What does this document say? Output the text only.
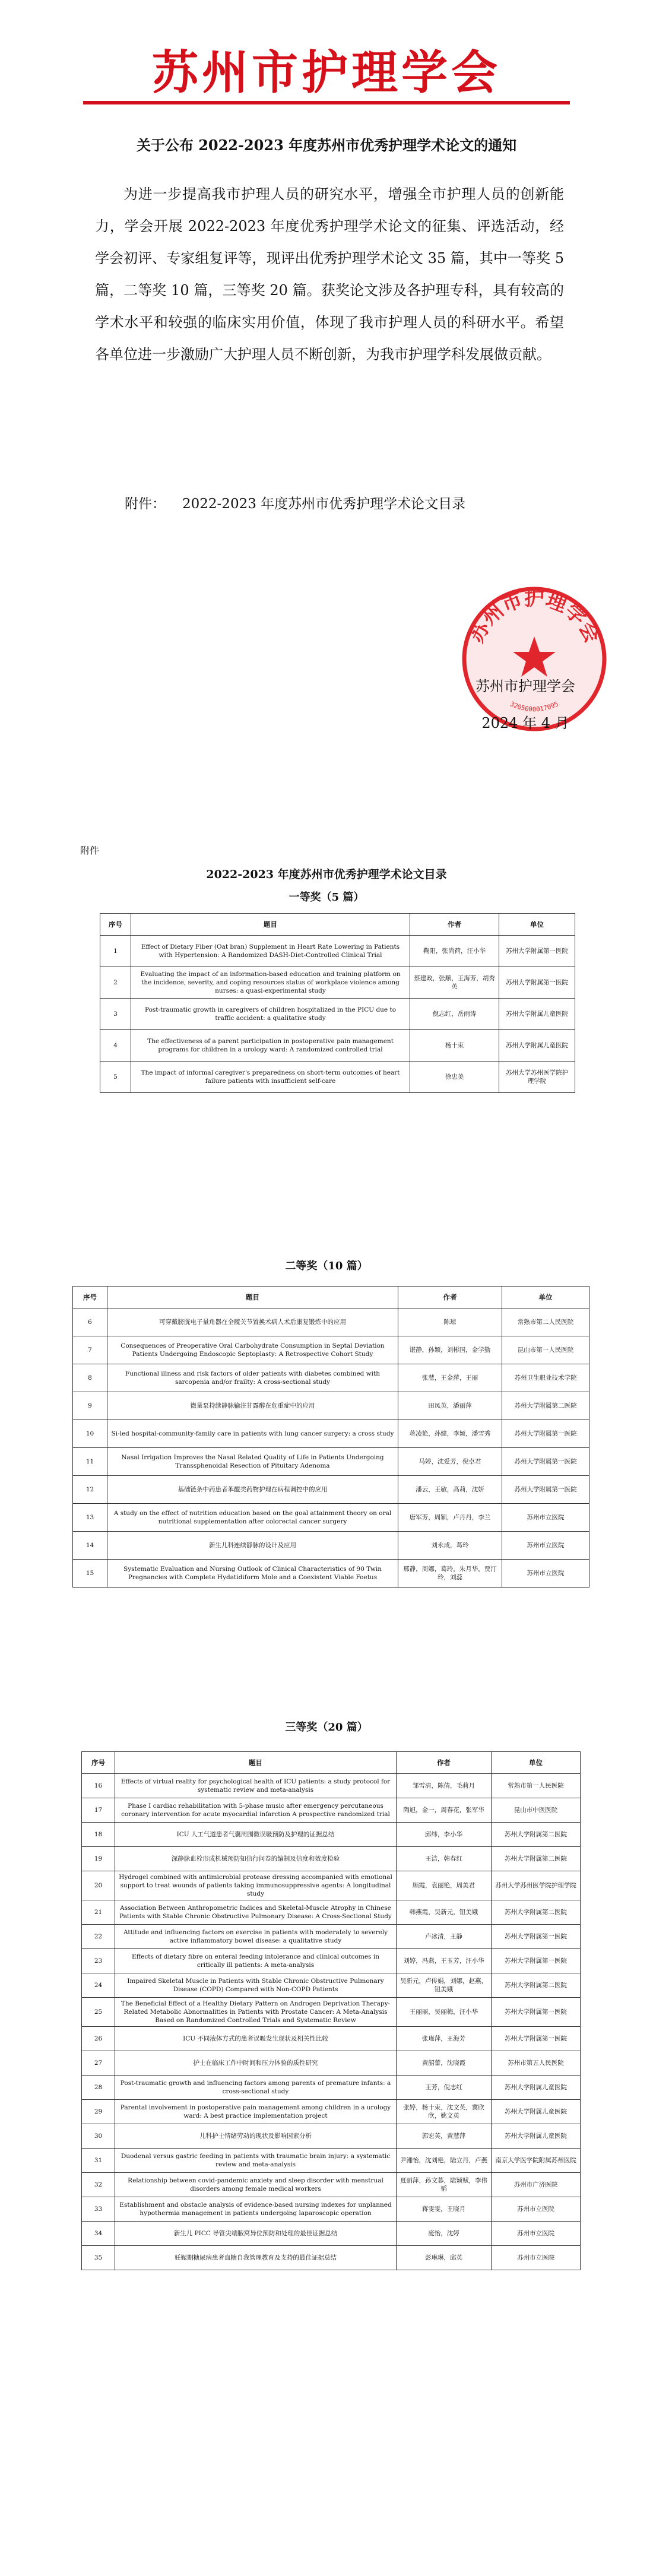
苏州市护理学会
关于公布 2022-2023 年度苏州市优秀护理学术论文的通知
为进一步提高我市护理人员的研究水平，增强全市护理人员的创新能力，学会开展 2022-2023 年度优秀护理学术论文的征集、评选活动，经学会初评、专家组复评等，现评出优秀护理学术论文 35 篇，其中一等奖 5 篇，二等奖 10 篇，三等奖 20 篇。获奖论文涉及各护理专科，具有较高的学术水平和较强的临床实用价值，体现了我市护理人员的科研水平。希望各单位进一步激励广大护理人员不断创新，为我市护理学科发展做贡献。
附件： 2022-2023 年度苏州市优秀护理学术论文目录
苏州市护理学会
3205000017095
苏州市护理学会
2024 年 4 月
附件
2022-2023 年度苏州市优秀护理学术论文目录
一等奖（5 篇）
序号	题目	作者	单位
1	Effect of Dietary Fiber (Oat bran) Supplement in Heart Rate Lowering in Patients with Hypertension: A Randomized DASH-Diet-Controlled Clinical Trial	鞠阳，张尚荷，汪小华	苏州大学附属第一医院
2	Evaluating the impact of an information-based education and training platform on the incidence, severity, and coping resources status of workplace violence among nurses: a quasi-experimental study	蔡建政，张顺，王海芳，胡秀英	苏州大学附属第一医院
3	Post-traumatic growth in caregivers of children hospitalized in the PICU due to traffic accident: a qualitative study	倪志红，岳雨涛	苏州大学附属儿童医院
4	The effectiveness of a parent participation in postoperative pain management programs for children in a urology ward: A randomized controlled trial	杨十束	苏州大学附属儿童医院
5	The impact of informal caregiver's preparedness on short-term outcomes of heart failure patients with insufficient self-care	徐忠美	苏州大学苏州医学院护理学院
二等奖（10 篇）
序号	题目	作者	单位
6	可穿戴膀胱电子量角器在全髋关节置换术病人术后康复锻炼中的应用	陈琼	常熟市第二人民医院
7	Consequences of Preoperative Oral Carbohydrate Consumption in Septal Deviation Patients Undergoing Endoscopic Septoplasty: A Retrospective Cohort Study	谌静，孙颖，刘彬国，金学勤	昆山市第一人民医院
8	Functional illness and risk factors of older patients with diabetes combined with sarcopenia and/or frailty: A cross-sectional study	张慧，王金萍，王丽	苏州卫生职业技术学院
9	微量泵持续静脉输注甘露醇在危重症中的应用	田凤英，潘丽萍	苏州大学附属第二医院
10	Si-led hospital-community-family care in patients with lung cancer surgery: a cross study	蒋凌艳，孙健，李颖，潘雪秀	苏州大学附属第一医院
11	Nasal Irrigation Improves the Nasal Related Quality of Life in Patients Undergoing Transsphenoidal Resection of Pituitary Adenoma	马婷，沈爱芳，倪卓君	苏州大学附属第一医院
12	基础链条中药患者苯醌类药物护理在病程调控中的应用	潘云，王敏，高莉，沈妍	苏州大学附属第一医院
13	A study on the effect of nutrition education based on the goal attainment theory on oral nutritional supplementation after colorectal cancer surgery	唐军芳，周颖，卢丹丹，李兰	苏州市立医院
14	新生儿科连续静脉的设计及应用	刘永成，葛玲	苏州市立医院
15	Systematic Evaluation and Nursing Outlook of Clinical Characteristics of 90 Twin Pregnancies with Complete Hydatidiform Mole and a Coexistent Viable Foetus	邢静，周娜，葛玲，朱月华，贾汀玲，刘蕊	苏州市立医院
三等奖（20 篇）
序号	题目	作者	单位
16	Effects of virtual reality for psychological health of ICU patients: a study protocol for systematic review and meta-analysis	邹雪清，陈倩，毛莉月	常熟市第一人民医院
17	Phase I cardiac rehabilitation with 5-phase music after emergency percutaneous coronary intervention for acute myocardial infarction A prospective randomized trial	陶旭，金一，周春花，张军华	昆山市中医医院
18	ICU 人工气道患者气囊周围微误吸预防及护理的证据总结	邱纬，李小华	苏州大学附属第二医院
19	深静脉血栓形成机械预防知信行问卷的编制及信度和效度检验	王洁，韩春红	苏州大学附属第二医院
20	Hydrogel combined with antimicrobial protease dressing accompanied with emotional support to treat wounds of patients taking immunosuppressive agents: A longitudinal study	顾霞，袁丽艳，周美君	苏州大学苏州医学院护理学院
21	Association Between Anthropometric Indices and Skeletal-Muscle Atrophy in Chinese Patients with Stable Chronic Obstructive Pulmonary Disease: A Cross-Sectional Study	韩燕霞，吴新元，钮美娥	苏州大学附属第二医院
22	Attitude and influencing factors on exercise in patients with moderately to severely active inflammatory bowel disease: a qualitative study	卢冰清，王静	苏州大学附属第一医院
23	Effects of dietary fibre on enteral feeding intolerance and clinical outcomes in critically ill patients: A meta-analysis	刘婷，冯燕，王玉芳，汪小华	苏州大学附属第一医院
24	Impaired Skeletal Muscle in Patients with Stable Chronic Obstructive Pulmonary Disease (COPD) Compared with Non-COPD Patients	吴新元，卢传娟，刘娜，赵燕，钮美娥	苏州大学附属第二医院
25	The Beneficial Effect of a Healthy Dietary Pattern on Androgen Deprivation Therapy-Related Metabolic Abnormalities in Patients with Prostate Cancer: A Meta-Analysis Based on Randomized Controlled Trials and Systematic Review	王丽丽，吴丽梅，汪小华	苏州大学附属第一医院
26	ICU 不同液体方式的患者误吸发生现状及相关性比较	张瑾萍，王海芳	苏州大学附属第一医院
27	护士在临床工作中时间和压力体验的质性研究	黄韶蕾，沈晓霞	苏州市第五人民医院
28	Post-traumatic growth and influencing factors among parents of premature infants: a cross-sectional study	王芳，倪志红	苏州大学附属儿童医院
29	Parental involvement in postoperative pain management among children in a urology ward: A best practice implementation project	张婷，杨十束，沈文英，冀欣欣，姚文英	苏州大学附属儿童医院
30	儿科护士情绪劳动的现状及影响因素分析	郭宏英，黄慧萍	苏州大学附属儿童医院
31	Duodenal versus gastric feeding in patients with traumatic brain injury: a systematic review and meta-analysis	尹湘怡，沈刘艳，陆立丹，卢燕	南京大学医学院附属苏州医院
32	Relationship between covid-pandemic anxiety and sleep disorder with menstrual disorders among female medical workers	夏丽萍，孙文暮，陆颖赋，李伟韬	苏州市广济医院
33	Establishment and obstacle analysis of evidence-based nursing indexes for unplanned hypothermia management in patients undergoing laparoscopic operation	蒋雯雯，王晓月	苏州市立医院
34	新生儿 PICC 导管尖端腋窝异位预防和处理的最佳证据总结	庞怡，沈婷	苏州市立医院
35	妊娠期糖尿病患者血糖自我管理教育及支持的最佳证据总结	彭琳琳，邱英	苏州市立医院
